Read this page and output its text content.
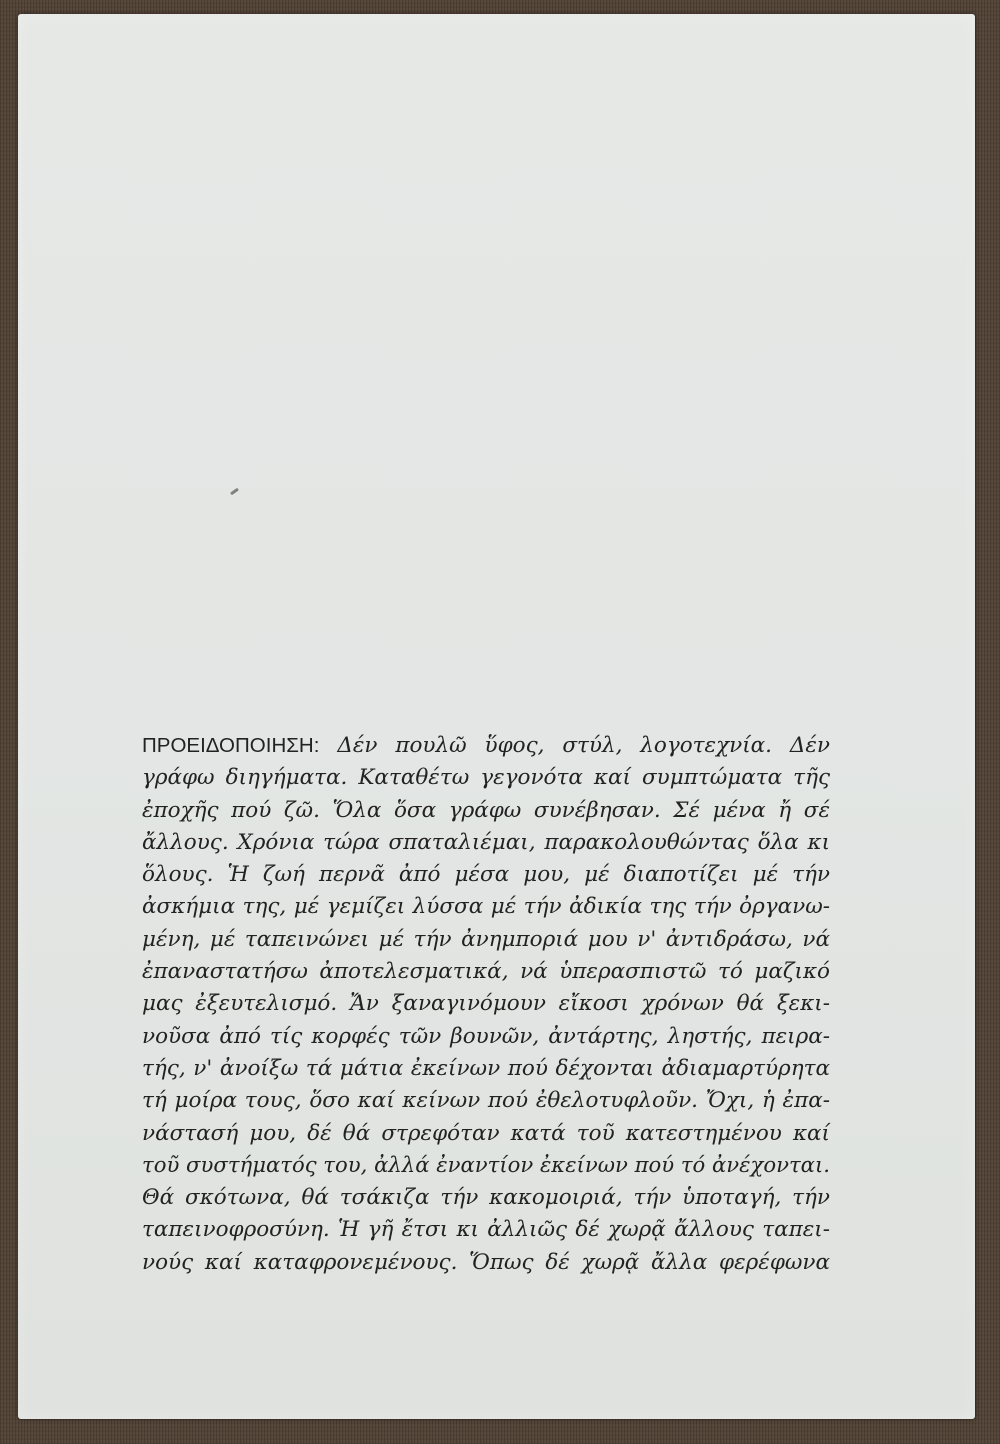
ΠΡΟΕΙΔΟΠΟΙΗΣΗ: Δέν πουλῶ ὕφος, στύλ, λογοτεχνία. Δέν
γράφω διηγήματα. Καταθέτω γεγονότα καί συμπτώματα τῆς
ἐποχῆς πού ζῶ. Ὅλα ὅσα γράφω συνέβησαν. Σέ μένα ἤ σέ
ἄλλους. Χρόνια τώρα σπαταλιέμαι, παρακολουθώντας ὅλα κι
ὅλους. Ἡ ζωή περνᾶ ἀπό μέσα μου, μέ διαποτίζει μέ τήν
ἀσκήμια της, μέ γεμίζει λύσσα μέ τήν ἀδικία της τήν ὀργανω-
μένη, μέ ταπεινώνει μέ τήν ἀνημποριά μου ν' ἀντιδράσω, νά
ἐπαναστατήσω ἀποτελεσματικά, νά ὑπερασπιστῶ τό μαζικό
μας ἐξευτελισμό. Ἄν ξαναγινόμουν εἴκοσι χρόνων θά ξεκι-
νοῦσα ἀπό τίς κορφές τῶν βουνῶν, ἀντάρτης, ληστής, πειρα-
τής, ν' ἀνοίξω τά μάτια ἐκείνων πού δέχονται ἀδιαμαρτύρητα
τή μοίρα τους, ὅσο καί κείνων πού ἐθελοτυφλοῦν. Ὄχι, ἡ ἐπα-
νάστασή μου, δέ θά στρεφόταν κατά τοῦ κατεστημένου καί
τοῦ συστήματός του, ἀλλά ἐναντίον ἐκείνων πού τό ἀνέχονται.
Θά σκότωνα, θά τσάκιζα τήν κακομοιριά, τήν ὑποταγή, τήν
ταπεινοφροσύνη. Ἡ γῆ ἔτσι κι ἀλλιῶς δέ χωρᾷ ἄλλους ταπει-
νούς καί καταφρονεμένους. Ὅπως δέ χωρᾷ ἄλλα φερέφωνα
